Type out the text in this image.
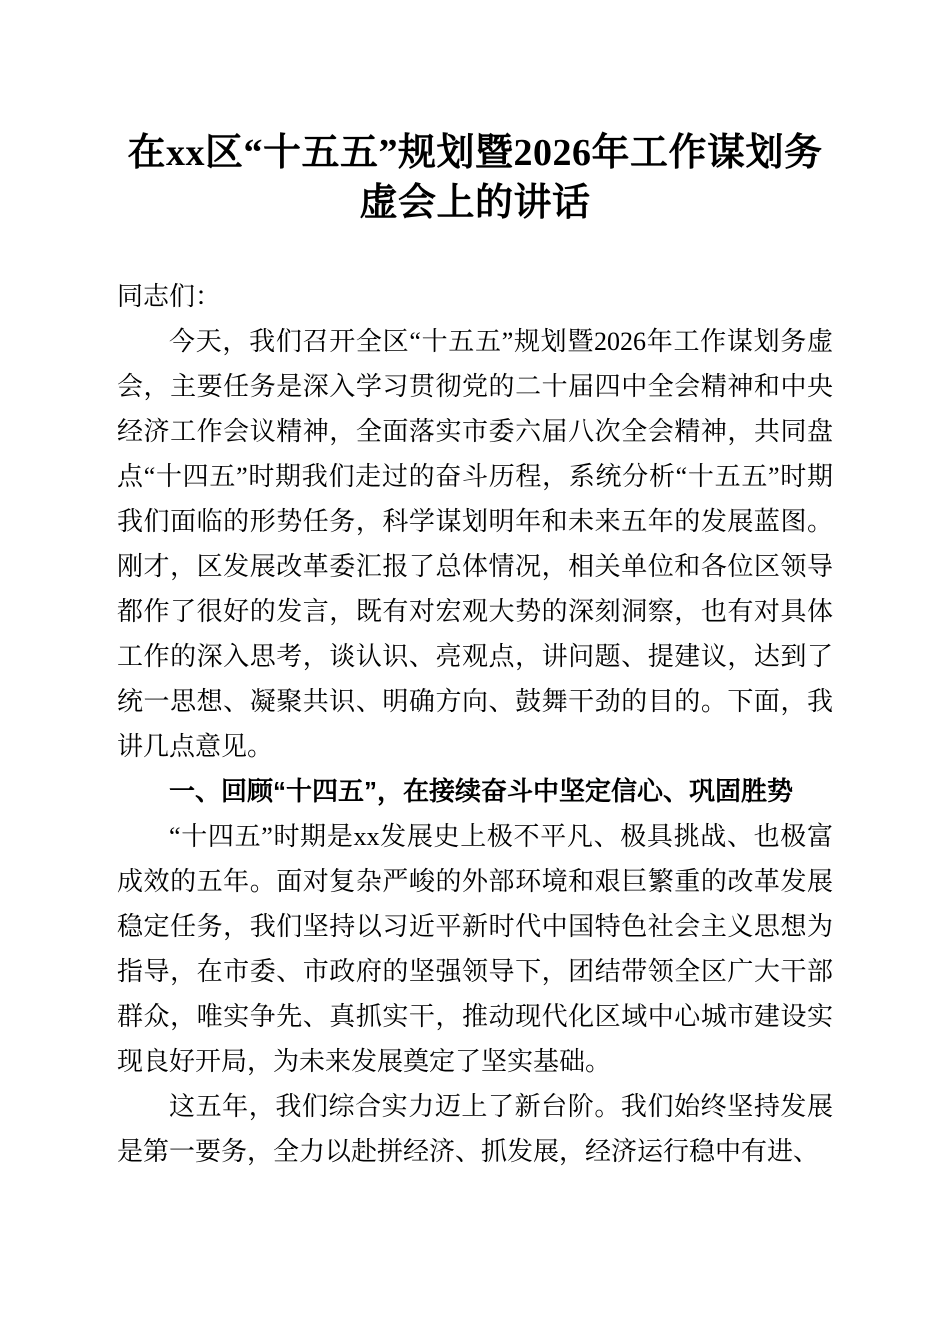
在xx区“十五五”规划暨2026年工作谋划务
虚会上的讲话

同志们：

今天，我们召开全区“十五五”规划暨2026年工作谋划务虚会，主要任务是深入学习贯彻党的二十届四中全会精神和中央经济工作会议精神，全面落实市委六届八次全会精神，共同盘点“十四五”时期我们走过的奋斗历程，系统分析“十五五”时期我们面临的形势任务，科学谋划明年和未来五年的发展蓝图。刚才，区发展改革委汇报了总体情况，相关单位和各位区领导都作了很好的发言，既有对宏观大势的深刻洞察，也有对具体工作的深入思考，谈认识、亮观点，讲问题、提建议，达到了统一思想、凝聚共识、明确方向、鼓舞干劲的目的。下面，我讲几点意见。

一、回顾“十四五”，在接续奋斗中坚定信心、巩固胜势

“十四五”时期是xx发展史上极不平凡、极具挑战、也极富成效的五年。面对复杂严峻的外部环境和艰巨繁重的改革发展稳定任务，我们坚持以习近平新时代中国特色社会主义思想为指导，在市委、市政府的坚强领导下，团结带领全区广大干部群众，唯实争先、真抓实干，推动现代化区域中心城市建设实现良好开局，为未来发展奠定了坚实基础。

这五年，我们综合实力迈上了新台阶。我们始终坚持发展是第一要务，全力以赴拼经济、抓发展，经济运行稳中有进、
